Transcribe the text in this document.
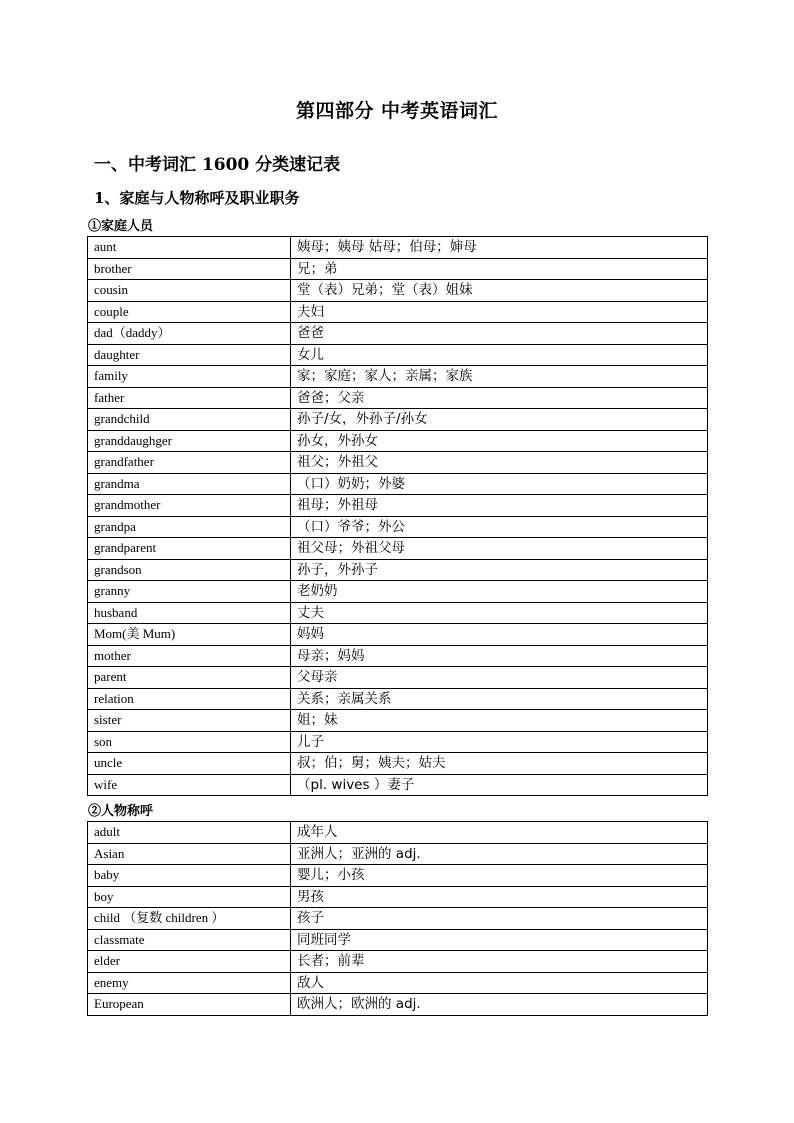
第四部分 中考英语词汇
一、中考词汇 1600 分类速记表
1、家庭与人物称呼及职业职务
①家庭人员
aunt	姨母；姨母 姑母；伯母；婶母
brother	兄；弟
cousin	堂（表）兄弟；堂（表）姐妹
couple	夫妇
dad（daddy）	爸爸
daughter	女儿
family	家；家庭；家人；亲属；家族
father	爸爸；父亲
grandchild	孙子/女，外孙子/孙女
granddaughger	孙女，外孙女
grandfather	祖父；外祖父
grandma	（口）奶奶；外婆
grandmother	祖母；外祖母
grandpa	（口）爷爷；外公
grandparent	祖父母；外祖父母
grandson	孙子，外孙子
granny	老奶奶
husband	丈夫
Mom(美 Mum)	妈妈
mother	母亲；妈妈
parent	父母亲
relation	关系；亲属关系
sister	姐；妹
son	儿子
uncle	叔；伯；舅；姨夫；姑夫
wife	（pl. wives ）妻子
②人物称呼
adult	成年人
Asian	亚洲人；亚洲的 adj.
baby	婴儿；小孩
boy	男孩
child （复数 children ）	孩子
classmate	同班同学
elder	长者；前辈
enemy	敌人
European	欧洲人；欧洲的 adj.
